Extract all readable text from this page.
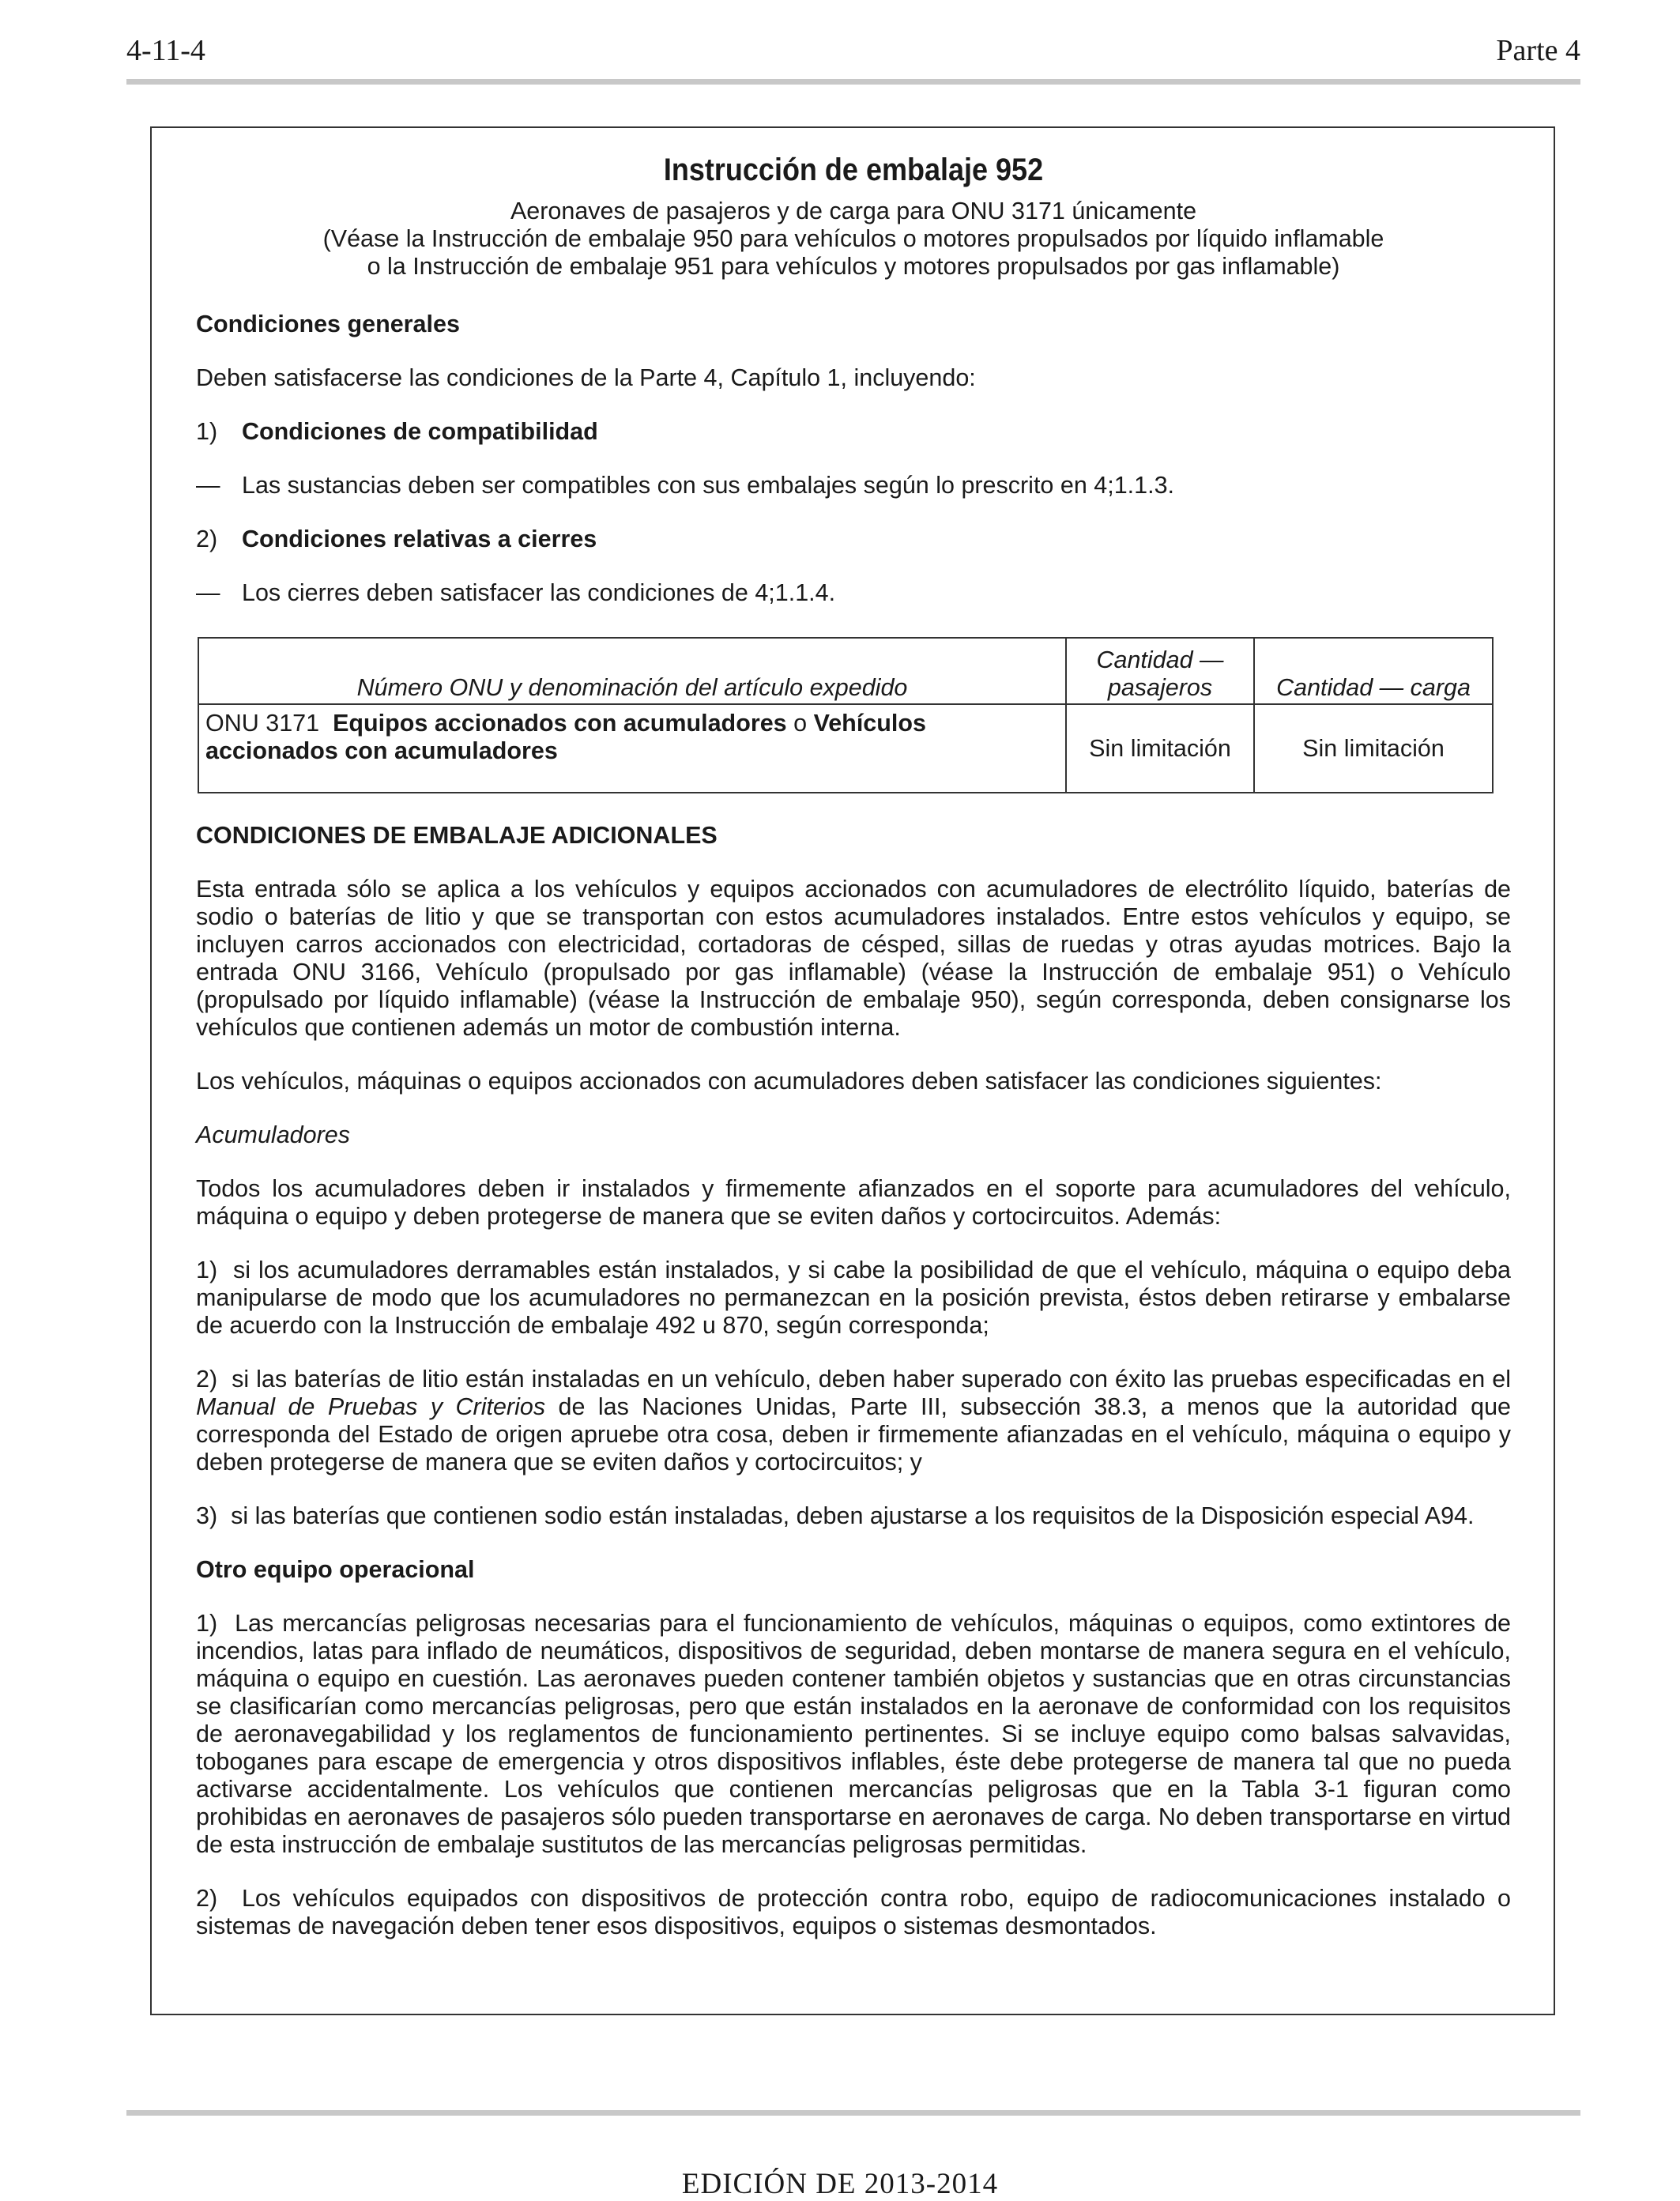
4-11-4	Parte 4

Instrucción de embalaje 952

Aeronaves de pasajeros y de carga para ONU 3171 únicamente

(Véase la Instrucción de embalaje 950 para vehículos o motores propulsados por líquido inflamable

o la Instrucción de embalaje 951 para vehículos y motores propulsados por gas inflamable)

Condiciones generales

Deben satisfacerse las condiciones de la Parte 4, Capítulo 1, incluyendo:

1) Condiciones de compatibilidad

— Las sustancias deben ser compatibles con sus embalajes según lo prescrito en 4;1.1.3.

2) Condiciones relativas a cierres

— Los cierres deben satisfacer las condiciones de 4;1.1.4.

Número ONU y denominación del artículo expedido	Cantidad — pasajeros	Cantidad — carga
ONU 3171 Equipos accionados con acumuladores o Vehículos accionados con acumuladores	Sin limitación	Sin limitación

CONDICIONES DE EMBALAJE ADICIONALES

Esta entrada sólo se aplica a los vehículos y equipos accionados con acumuladores de electrólito líquido, baterías de sodio o baterías de litio y que se transportan con estos acumuladores instalados. Entre estos vehículos y equipo, se incluyen carros accionados con electricidad, cortadoras de césped, sillas de ruedas y otras ayudas motrices. Bajo la entrada ONU 3166, Vehículo (propulsado por gas inflamable) (véase la Instrucción de embalaje 951) o Vehículo (propulsado por líquido inflamable) (véase la Instrucción de embalaje 950), según corresponda, deben consignarse los vehículos que contienen además un motor de combustión interna.

Los vehículos, máquinas o equipos accionados con acumuladores deben satisfacer las condiciones siguientes:

Acumuladores

Todos los acumuladores deben ir instalados y firmemente afianzados en el soporte para acumuladores del vehículo, máquina o equipo y deben protegerse de manera que se eviten daños y cortocircuitos. Además:

1) si los acumuladores derramables están instalados, y si cabe la posibilidad de que el vehículo, máquina o equipo deba manipularse de modo que los acumuladores no permanezcan en la posición prevista, éstos deben retirarse y embalarse de acuerdo con la Instrucción de embalaje 492 u 870, según corresponda;

2) si las baterías de litio están instaladas en un vehículo, deben haber superado con éxito las pruebas especificadas en el Manual de Pruebas y Criterios de las Naciones Unidas, Parte III, subsección 38.3, a menos que la autoridad que corresponda del Estado de origen apruebe otra cosa, deben ir firmemente afianzadas en el vehículo, máquina o equipo y deben protegerse de manera que se eviten daños y cortocircuitos; y

3) si las baterías que contienen sodio están instaladas, deben ajustarse a los requisitos de la Disposición especial A94.

Otro equipo operacional

1) Las mercancías peligrosas necesarias para el funcionamiento de vehículos, máquinas o equipos, como extintores de incendios, latas para inflado de neumáticos, dispositivos de seguridad, deben montarse de manera segura en el vehículo, máquina o equipo en cuestión. Las aeronaves pueden contener también objetos y sustancias que en otras circunstancias se clasificarían como mercancías peligrosas, pero que están instalados en la aeronave de conformidad con los requisitos de aeronavegabilidad y los reglamentos de funcionamiento pertinentes. Si se incluye equipo como balsas salvavidas, toboganes para escape de emergencia y otros dispositivos inflables, éste debe protegerse de manera tal que no pueda activarse accidentalmente. Los vehículos que contienen mercancías peligrosas que en la Tabla 3-1 figuran como prohibidas en aeronaves de pasajeros sólo pueden transportarse en aeronaves de carga. No deben transportarse en virtud de esta instrucción de embalaje sustitutos de las mercancías peligrosas permitidas.

2) Los vehículos equipados con dispositivos de protección contra robo, equipo de radiocomunicaciones instalado o sistemas de navegación deben tener esos dispositivos, equipos o sistemas desmontados.

EDICIÓN DE 2013-2014
